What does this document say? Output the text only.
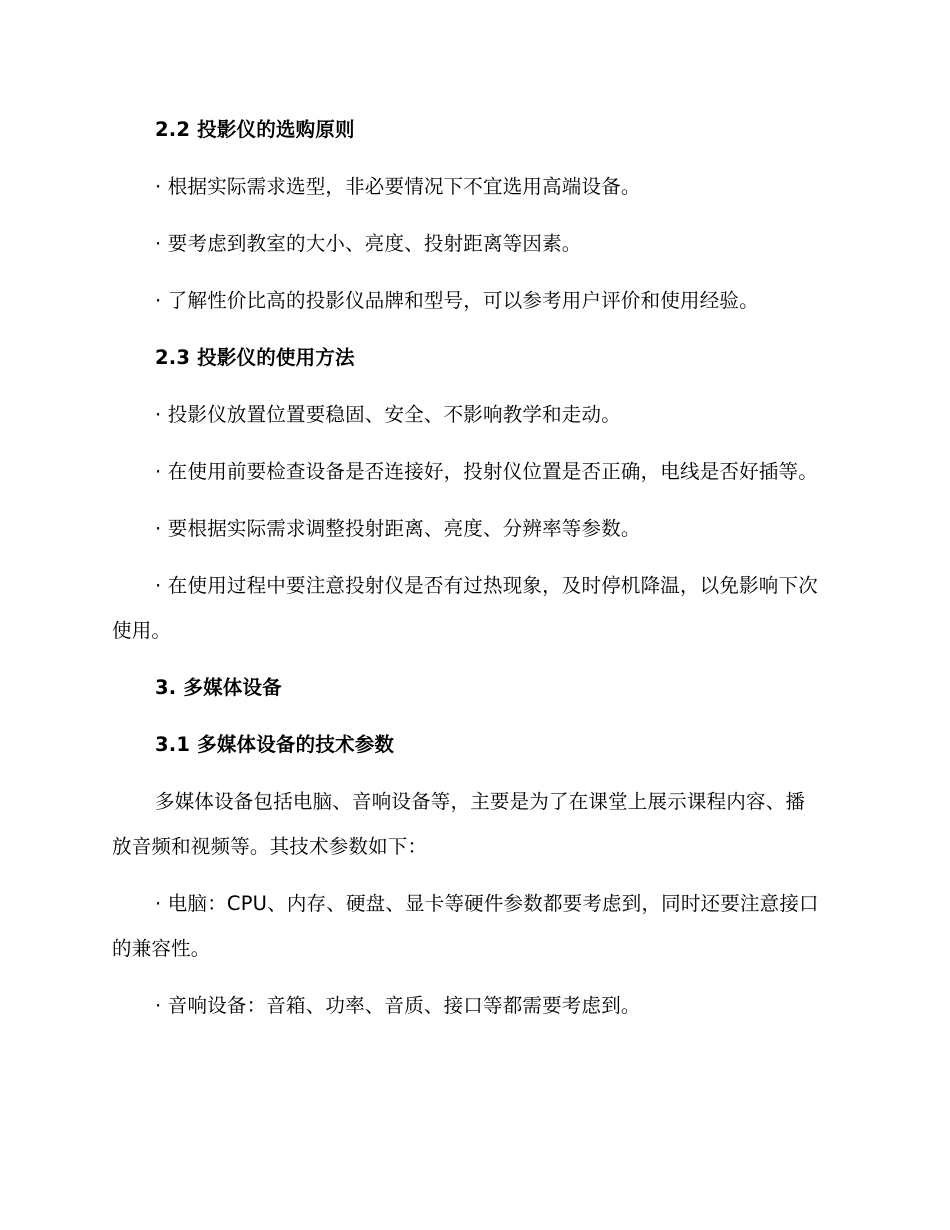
2.2 投影仪的选购原则

· 根据实际需求选型，非必要情况下不宜选用高端设备。

· 要考虑到教室的大小、亮度、投射距离等因素。

· 了解性价比高的投影仪品牌和型号，可以参考用户评价和使用经验。

2.3 投影仪的使用方法

· 投影仪放置位置要稳固、安全、不影响教学和走动。

· 在使用前要检查设备是否连接好，投射仪位置是否正确，电线是否好插等。

· 要根据实际需求调整投射距离、亮度、分辨率等参数。

· 在使用过程中要注意投射仪是否有过热现象，及时停机降温，以免影响下次使用。

3. 多媒体设备

3.1 多媒体设备的技术参数

多媒体设备包括电脑、音响设备等，主要是为了在课堂上展示课程内容、播放音频和视频等。其技术参数如下：

· 电脑：CPU、内存、硬盘、显卡等硬件参数都要考虑到，同时还要注意接口的兼容性。

· 音响设备：音箱、功率、音质、接口等都需要考虑到。
